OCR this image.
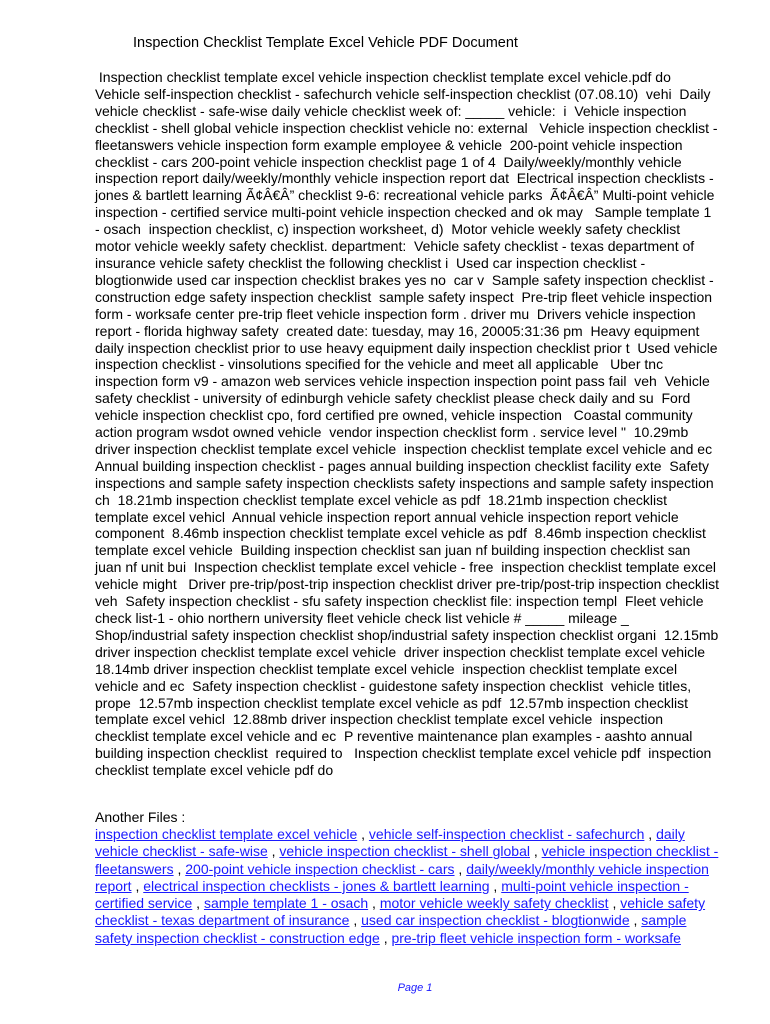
Inspection Checklist Template Excel Vehicle PDF Document
Inspection checklist template excel vehicle inspection checklist template excel vehicle.pdf do
Vehicle self-inspection checklist - safechurch vehicle self-inspection checklist (07.08.10)  vehi  Daily
vehicle checklist - safe-wise daily vehicle checklist week of: _____ vehicle:  i  Vehicle inspection
checklist - shell global vehicle inspection checklist vehicle no: external   Vehicle inspection checklist -
fleetanswers vehicle inspection form example employee & vehicle  200-point vehicle inspection
checklist - cars 200-point vehicle inspection checklist page 1 of 4  Daily/weekly/monthly vehicle
inspection report daily/weekly/monthly vehicle inspection report dat  Electrical inspection checklists -
jones & bartlett learning Ã¢Â€Â” checklist 9-6: recreational vehicle parks  Ã¢Â€Â” Multi-point vehicle
inspection - certified service multi-point vehicle inspection checked and ok may   Sample template 1
- osach  inspection checklist, c) inspection worksheet, d)  Motor vehicle weekly safety checklist
motor vehicle weekly safety checklist. department:  Vehicle safety checklist - texas department of
insurance vehicle safety checklist the following checklist i  Used car inspection checklist -
blogtionwide used car inspection checklist brakes yes no  car v  Sample safety inspection checklist -
construction edge safety inspection checklist  sample safety inspect  Pre-trip fleet vehicle inspection
form - worksafe center pre-trip fleet vehicle inspection form . driver mu  Drivers vehicle inspection
report - florida highway safety  created date: tuesday, may 16, 20005:31:36 pm  Heavy equipment
daily inspection checklist prior to use heavy equipment daily inspection checklist prior t  Used vehicle
inspection checklist - vinsolutions specified for the vehicle and meet all applicable   Uber tnc
inspection form v9 - amazon web services vehicle inspection inspection point pass fail  veh  Vehicle
safety checklist - university of edinburgh vehicle safety checklist please check daily and su  Ford
vehicle inspection checklist cpo, ford certified pre owned, vehicle inspection   Coastal community
action program wsdot owned vehicle  vendor inspection checklist form . service level "  10.29mb
driver inspection checklist template excel vehicle  inspection checklist template excel vehicle and ec
Annual building inspection checklist - pages annual building inspection checklist facility exte  Safety
inspections and sample safety inspection checklists safety inspections and sample safety inspection
ch  18.21mb inspection checklist template excel vehicle as pdf  18.21mb inspection checklist
template excel vehicl  Annual vehicle inspection report annual vehicle inspection report vehicle
component  8.46mb inspection checklist template excel vehicle as pdf  8.46mb inspection checklist
template excel vehicle  Building inspection checklist san juan nf building inspection checklist san
juan nf unit bui  Inspection checklist template excel vehicle - free  inspection checklist template excel
vehicle might   Driver pre-trip/post-trip inspection checklist driver pre-trip/post-trip inspection checklist
veh  Safety inspection checklist - sfu safety inspection checklist file: inspection templ  Fleet vehicle
check list-1 - ohio northern university fleet vehicle check list vehicle # _____ mileage _
Shop/industrial safety inspection checklist shop/industrial safety inspection checklist organi  12.15mb
driver inspection checklist template excel vehicle  driver inspection checklist template excel vehicle
18.14mb driver inspection checklist template excel vehicle  inspection checklist template excel
vehicle and ec  Safety inspection checklist - guidestone safety inspection checklist  vehicle titles,
prope  12.57mb inspection checklist template excel vehicle as pdf  12.57mb inspection checklist
template excel vehicl  12.88mb driver inspection checklist template excel vehicle  inspection
checklist template excel vehicle and ec  P reventive maintenance plan examples - aashto annual
building inspection checklist  required to   Inspection checklist template excel vehicle pdf  inspection
checklist template excel vehicle pdf do
Another Files :
inspection checklist template excel vehicle , vehicle self-inspection checklist - safechurch , daily
vehicle checklist - safe-wise , vehicle inspection checklist - shell global , vehicle inspection checklist -
fleetanswers , 200-point vehicle inspection checklist - cars , daily/weekly/monthly vehicle inspection
report , electrical inspection checklists - jones & bartlett learning , multi-point vehicle inspection -
certified service , sample template 1 - osach , motor vehicle weekly safety checklist , vehicle safety
checklist - texas department of insurance , used car inspection checklist - blogtionwide , sample
safety inspection checklist - construction edge , pre-trip fleet vehicle inspection form - worksafe
Page 1
